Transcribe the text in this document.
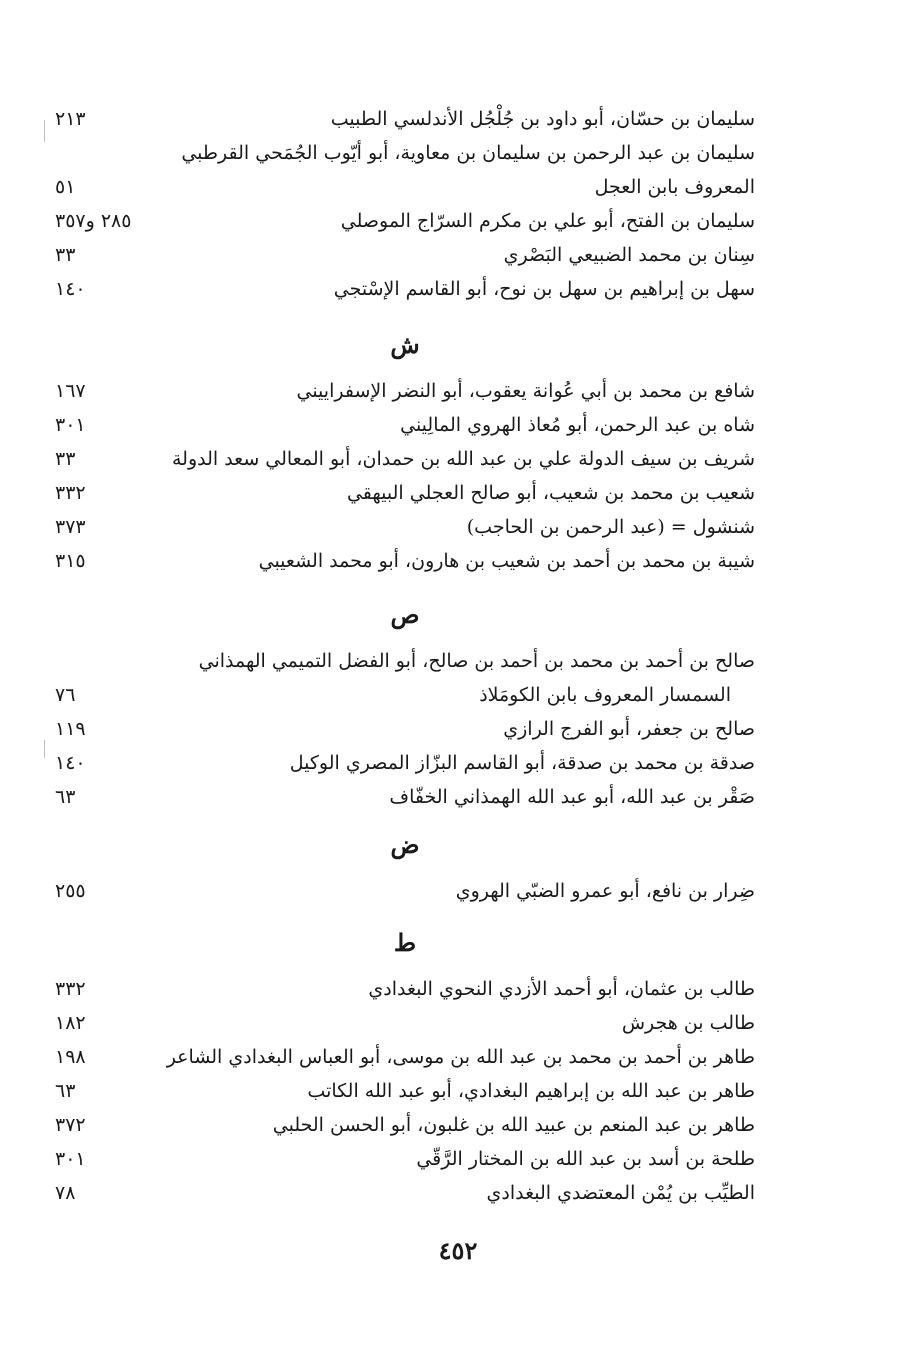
سليمان بن حسّان، أبو داود بن جُلْجُل الأندلسي الطبيب
٢١٣
سليمان بن عبد الرحمن بن سليمان بن معاوية، أبو أيّوب الجُمَحي القرطبي
المعروف بابن العجل
٥١
سليمان بن الفتح، أبو علي بن مكرم السرّاج الموصلي
٢٨٥ و٣٥٧
سِنان بن محمد الضبيعي البَصْري
٣٣
سهل بن إبراهيم بن سهل بن نوح، أبو القاسم الإسْتجي
١٤٠
ش
شافع بن محمد بن أبي عُوانة يعقوب، أبو النضر الإسفراييني
١٦٧
شاه بن عبد الرحمن، أبو مُعاذ الهروي المالِيني
٣٠١
شريف بن سيف الدولة علي بن عبد الله بن حمدان، أبو المعالي سعد الدولة
٣٣
شعيب بن محمد بن شعيب، أبو صالح العجلي البيهقي
٣٣٢
شنشول = (عبد الرحمن بن الحاجب)
٣٧٣
شيبة بن محمد بن أحمد بن شعيب بن هارون، أبو محمد الشعيبي
٣١٥
ص
صالح بن أحمد بن محمد بن أحمد بن صالح، أبو الفضل التميمي الهمذاني
السمسار المعروف بابن الكومَلاذ
٧٦
صالح بن جعفر، أبو الفرج الرازي
١١٩
صدقة بن محمد بن صدقة، أبو القاسم البزّاز المصري الوكيل
١٤٠
صَقْر بن عبد الله، أبو عبد الله الهمذاني الخفّاف
٦٣
ض
ضِرار بن نافع، أبو عمرو الضبّي الهروي
٢٥٥
ط
طالب بن عثمان، أبو أحمد الأزدي النحوي البغدادي
٣٣٢
طالب بن هجرش
١٨٢
طاهر بن أحمد بن محمد بن عبد الله بن موسى، أبو العباس البغدادي الشاعر
١٩٨
طاهر بن عبد الله بن إبراهيم البغدادي، أبو عبد الله الكاتب
٦٣
طاهر بن عبد المنعم بن عبيد الله بن غلبون، أبو الحسن الحلبي
٣٧٢
طلحة بن أسد بن عبد الله بن المختار الرَّقّي
٣٠١
الطيِّب بن يُمْن المعتضدي البغدادي
٧٨
٤٥٢
